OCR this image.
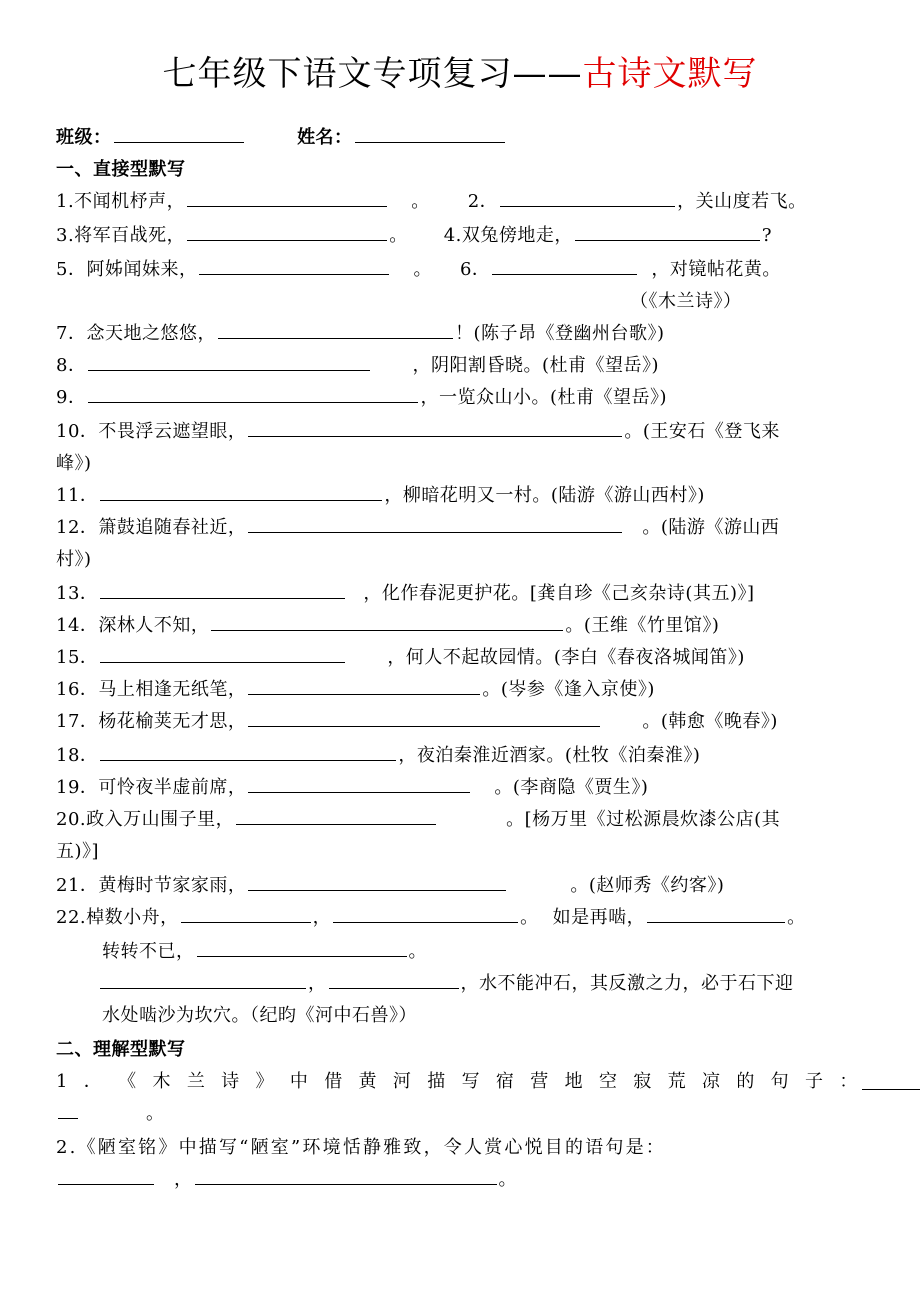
七年级下语文专项复习——古诗文默写
班级：	姓名：
一、直接型默写
1.不闻机杼声，	。 2．	，关山度若飞。
3.将军百战死，	。 4.双兔傍地走，	?
5．阿姊闻妹来，	。 6．	，对镜帖花黄。
（《木兰诗》）
7．念天地之悠悠，	！(陈子昂《登幽州台歌》)
8．	，阴阳割昏晓。(杜甫《望岳》)
9．	，一览众山小。(杜甫《望岳》)
10．不畏浮云遮望眼，	。(王安石《登飞来
峰》)
11．	，柳暗花明又一村。(陆游《游山西村》)
12．箫鼓追随春社近，	。(陆游《游山西
村》)
13．	，化作春泥更护花。[龚自珍《己亥杂诗(其五)》]
14．深林人不知，	。(王维《竹里馆》)
15．	，何人不起故园情。(李白《春夜洛城闻笛》)
16．马上相逢无纸笔，	。(岑参《逢入京使》)
17．杨花榆荚无才思，	。(韩愈《晚春》)
18．	，夜泊秦淮近酒家。(杜牧《泊秦淮》)
19．可怜夜半虚前席，	。(李商隐《贾生》)
20.政入万山围子里，	。[杨万里《过松源晨炊漆公店(其
五)》]
21．黄梅时节家家雨，	。(赵师秀《约客》)
22.棹数小舟，	，	。 如是再啮，	。
转转不已，	。
，	，水不能冲石，其反激之力，必于石下迎
水处啮沙为坎穴。（纪昀《河中石兽》）
二、理解型默写
1 ． 《 木 兰 诗 》 中 借 黄 河 描 写 宿 营 地 空 寂 荒 凉 的 句 子 ：
。
2.《陋室铭》中描写“陋室”环境恬静雅致，令人赏心悦目的语句是：
，	。
